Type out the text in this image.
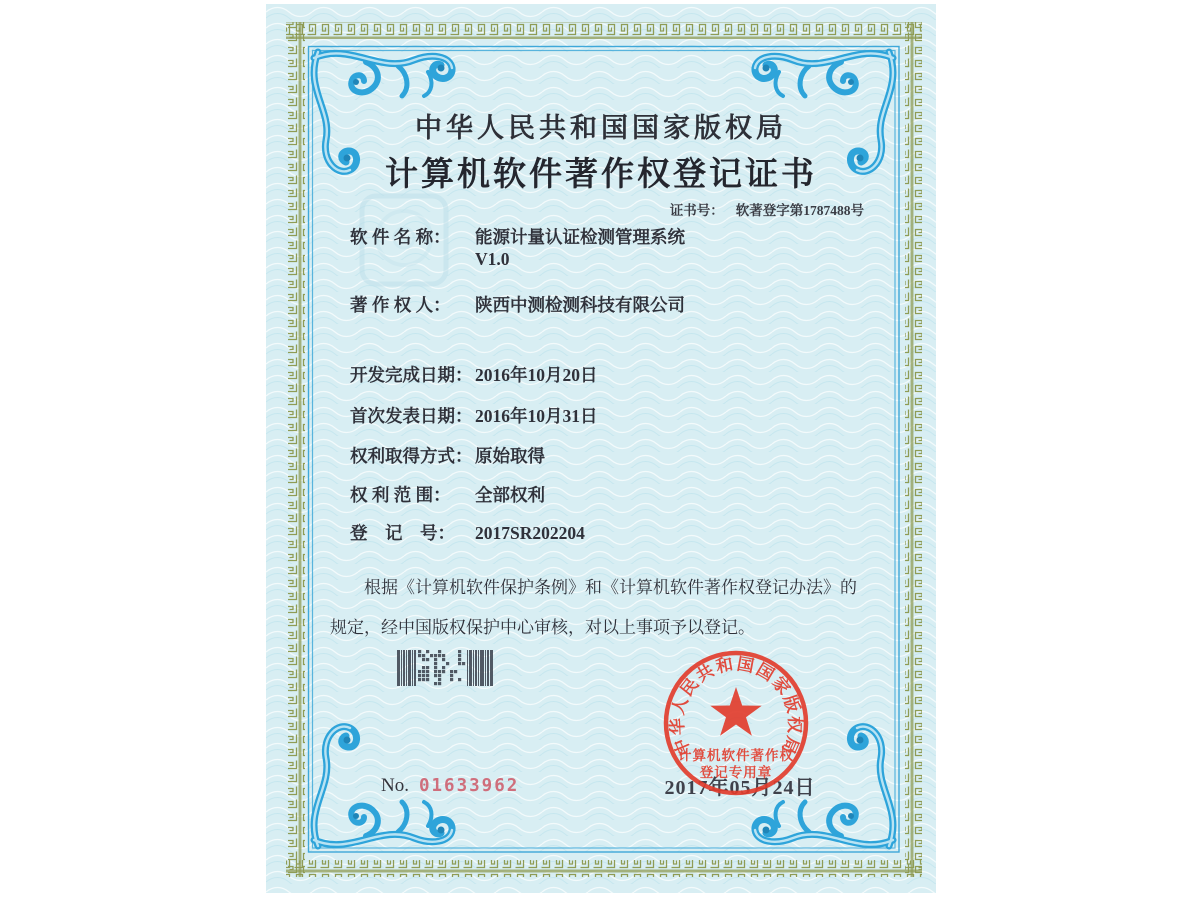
中华人民共和国国家版权局
计算机软件著作权登记证书
证书号： 软著登字第1787488号
软 件 名 称： 能源计量认证检测管理系统
V1.0
著 作 权 人： 陕西中测检测科技有限公司
开发完成日期： 2016年10月20日
首次发表日期： 2016年10月31日
权利取得方式： 原始取得
权 利 范 围： 全部权利
登　记　号： 2017SR202204
根据《计算机软件保护条例》和《计算机软件著作权登记办法》的
规定，经中国版权保护中心审核，对以上事项予以登记。
中华人民共和国国家版权局
计算机软件著作权
登记专用章
2017年05月24日
No. 01633962
